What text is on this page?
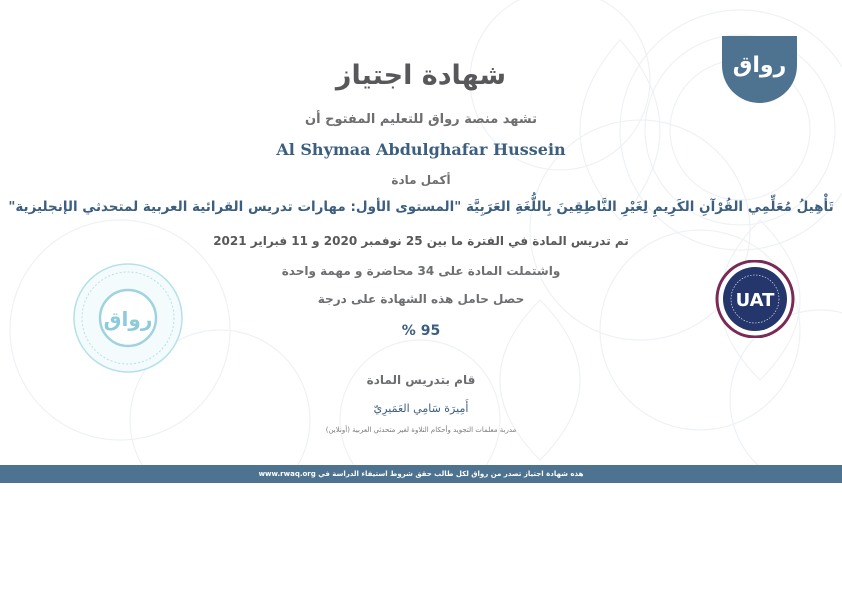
رواق
شهادة اجتياز
تشهد منصة رواق للتعليم المفتوح أن
Al Shymaa Abdulghafar Hussein
أكمل مادة
تَأْهِيلُ مُعَلِّمِي القُرْآنِ الكَرِيمِ لِغَيْرِ النَّاطِقِينَ بِاللُّغَةِ العَرَبِيَّة "المستوى الأول: مهارات تدريس القرائية العربية لمتحدثي الإنجليزية"
تم تدريس المادة في الفترة ما بين 25 نوفمبر 2020 و 11 فبراير 2021
واشتملت المادة على 34 محاضرة و مهمة واحدة
حصل حامل هذه الشهادة على درجة
95 %
قام بتدريس المادة
أَمِيرَة سَامِي العَمَيرِيّ
مدربة معلمات التجويد وأحكام التلاوة لغير متحدثي العربية (أونلاين)
رواق
UAT
هذه شهادة اجتياز تصدر من رواق لكل طالب حقق شروط استيفاء الدراسة في www.rwaq.org
